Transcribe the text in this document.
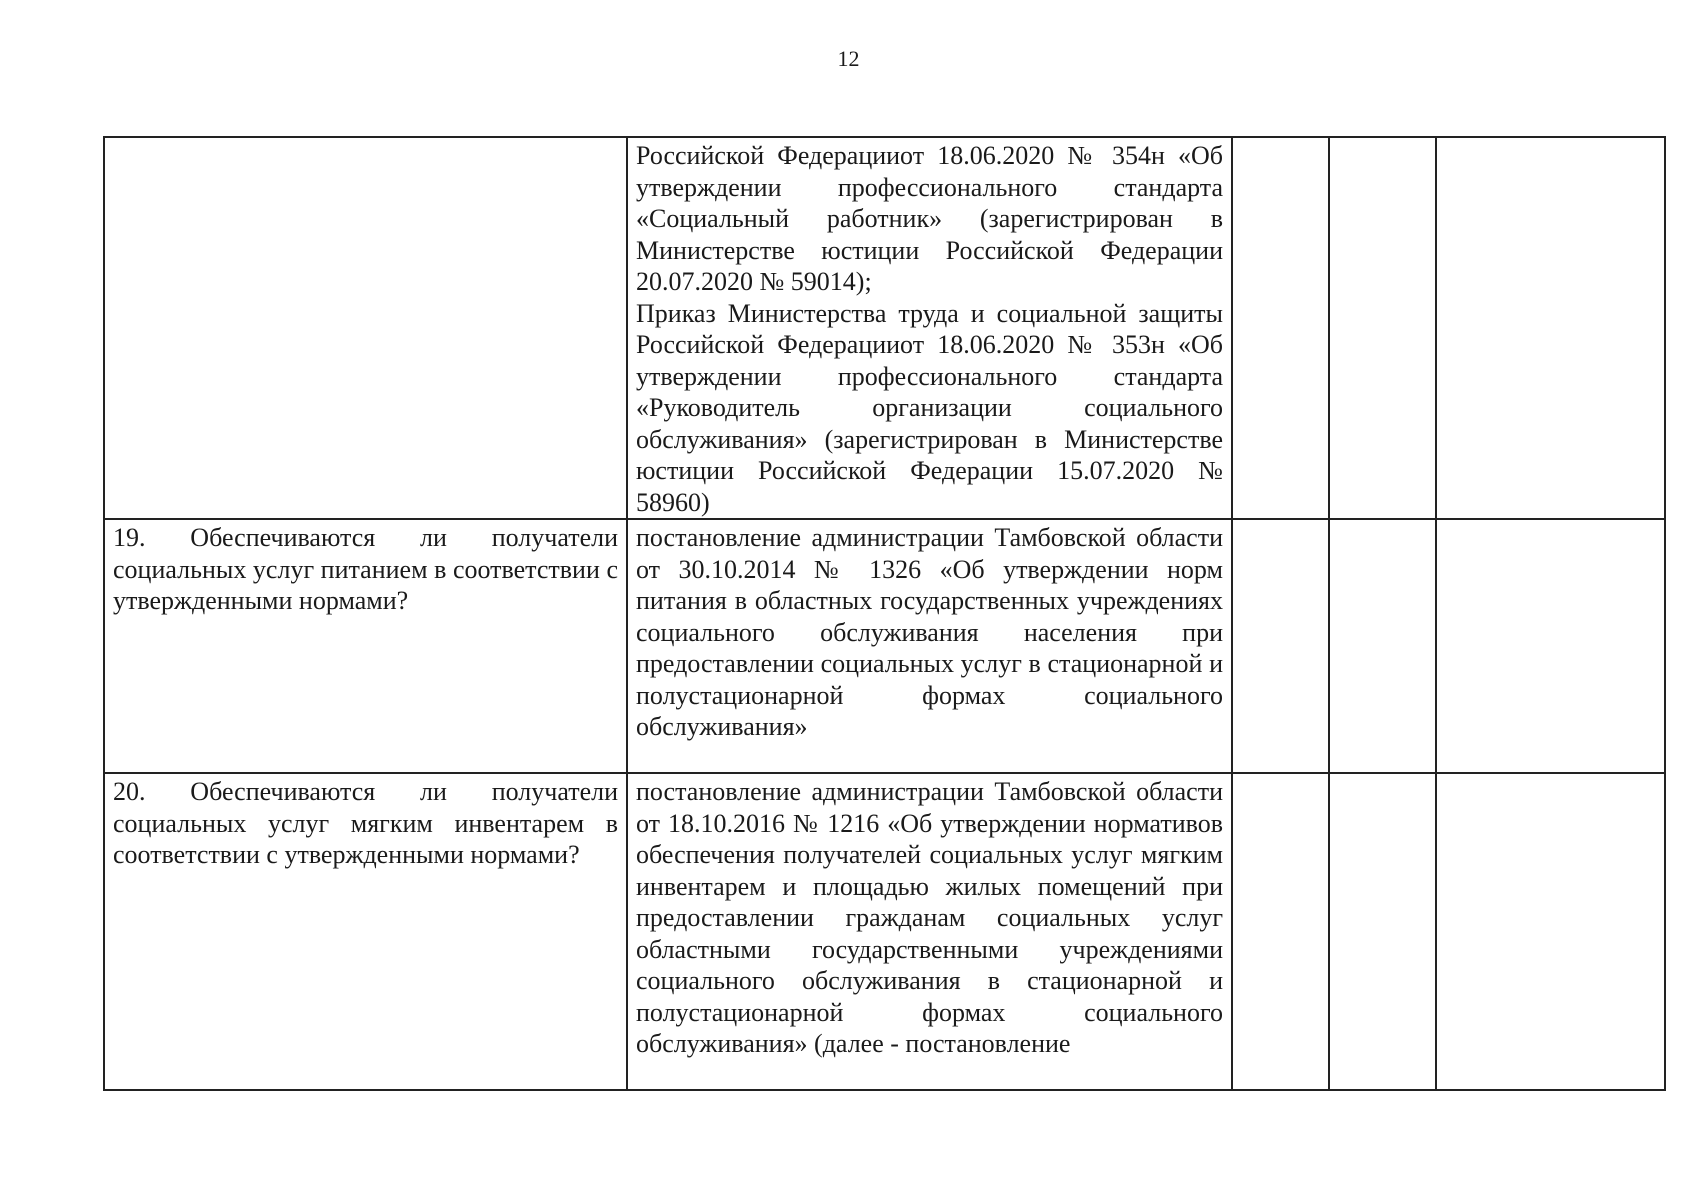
12

	Российской Федерацииот 18.06.2020 № 354н «Об утверждении профессионального стандарта «Социальный работник» (зарегистрирован в Министерстве юстиции Российской Федерации 20.07.2020 № 59014);
Приказ Министерства труда и социальной защиты Российской Федерацииот 18.06.2020 № 353н «Об утверждении профессионального стандарта «Руководитель организации социального обслуживания» (зарегистрирован в Министерстве юстиции Российской Федерации 15.07.2020 № 58960)			

19. Обеспечиваются ли получатели социальных услуг питанием в соответствии с утвержденными нормами?	постановление администрации Тамбовской области от 30.10.2014 № 1326 «Об утверждении норм питания в областных государственных учреждениях социального обслуживания населения при предоставлении социальных услуг в стационарной и полустационарной формах социального обслуживания»			

20. Обеспечиваются ли получатели социальных услуг мягким инвентарем в соответствии с утвержденными нормами?	постановление администрации Тамбовской области от 18.10.2016 № 1216 «Об утверждении нормативов обеспечения получателей социальных услуг мягким инвентарем и площадью жилых помещений при предоставлении гражданам социальных услуг областными государственными учреждениями социального обслуживания в стационарной и полустационарной формах социального обслуживания» (далее - постановление			
